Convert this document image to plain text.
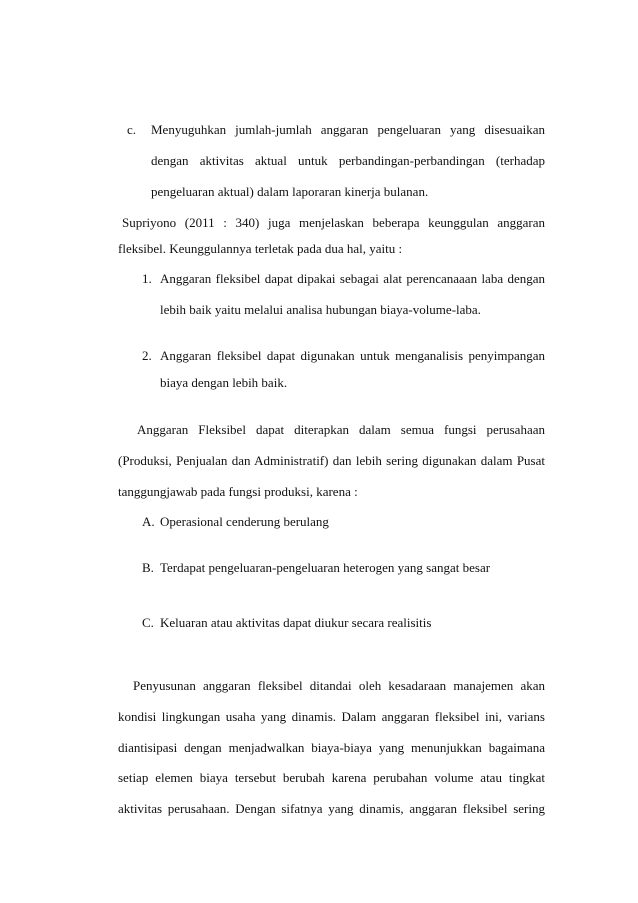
c. Menyuguhkan jumlah-jumlah anggaran pengeluaran yang disesuaikan
dengan aktivitas aktual untuk perbandingan-perbandingan (terhadap
pengeluaran aktual) dalam laporaran kinerja bulanan.
Supriyono (2011 : 340) juga menjelaskan beberapa keunggulan anggaran
fleksibel. Keunggulannya terletak pada dua hal, yaitu :
1. Anggaran fleksibel dapat dipakai sebagai alat perencanaaan laba dengan
lebih baik yaitu melalui analisa hubungan biaya-volume-laba.
2. Anggaran fleksibel dapat digunakan untuk menganalisis penyimpangan
biaya dengan lebih baik.
Anggaran Fleksibel dapat diterapkan dalam semua fungsi perusahaan
(Produksi, Penjualan dan Administratif) dan lebih sering digunakan dalam Pusat
tanggungjawab pada fungsi produksi, karena :
A. Operasional cenderung berulang
B. Terdapat pengeluaran-pengeluaran heterogen yang sangat besar
C. Keluaran atau aktivitas dapat diukur secara realisitis
Penyusunan anggaran fleksibel ditandai oleh kesadaraan manajemen akan
kondisi lingkungan usaha yang dinamis. Dalam anggaran fleksibel ini, varians
diantisipasi dengan menjadwalkan biaya-biaya yang menunjukkan bagaimana
setiap elemen biaya tersebut berubah karena perubahan volume atau tingkat
aktivitas perusahaan. Dengan sifatnya yang dinamis, anggaran fleksibel sering
